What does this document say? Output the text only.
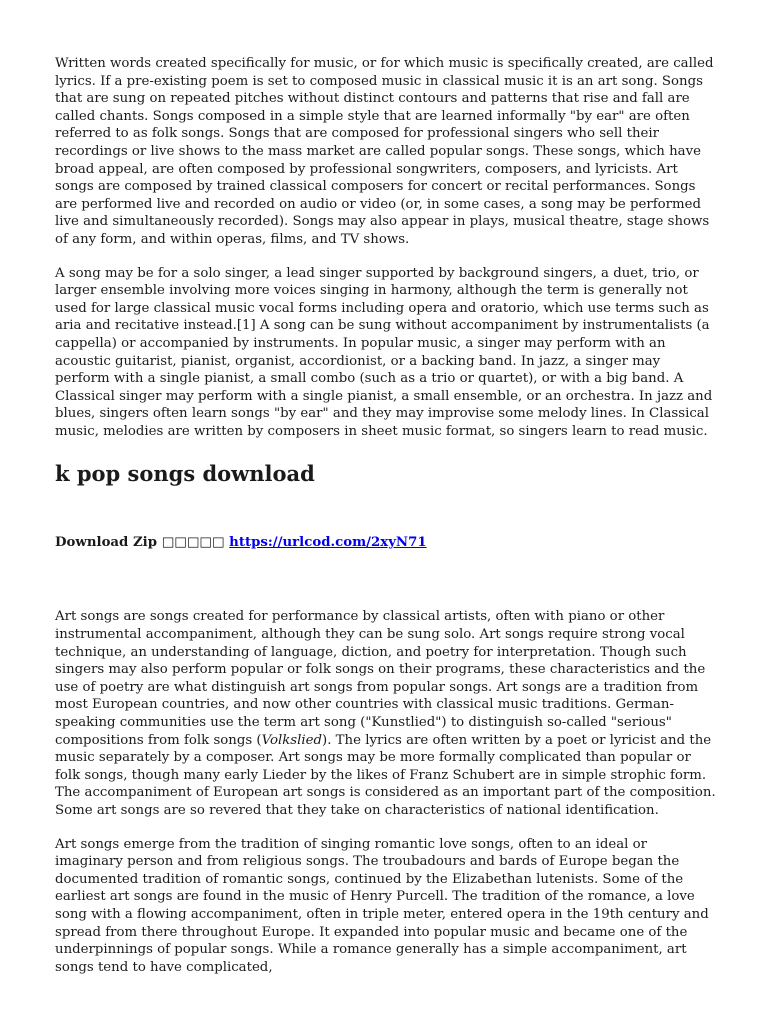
Written words created specifically for music, or for which music is specifically created, are called lyrics. If a pre-existing poem is set to composed music in classical music it is an art song. Songs that are sung on repeated pitches without distinct contours and patterns that rise and fall are called chants. Songs composed in a simple style that are learned informally "by ear" are often referred to as folk songs. Songs that are composed for professional singers who sell their recordings or live shows to the mass market are called popular songs. These songs, which have broad appeal, are often composed by professional songwriters, composers, and lyricists. Art songs are composed by trained classical composers for concert or recital performances. Songs are performed live and recorded on audio or video (or, in some cases, a song may be performed live and simultaneously recorded). Songs may also appear in plays, musical theatre, stage shows of any form, and within operas, films, and TV shows.

A song may be for a solo singer, a lead singer supported by background singers, a duet, trio, or larger ensemble involving more voices singing in harmony, although the term is generally not used for large classical music vocal forms including opera and oratorio, which use terms such as aria and recitative instead.[1] A song can be sung without accompaniment by instrumentalists (a cappella) or accompanied by instruments. In popular music, a singer may perform with an acoustic guitarist, pianist, organist, accordionist, or a backing band. In jazz, a singer may perform with a single pianist, a small combo (such as a trio or quartet), or with a big band. A Classical singer may perform with a single pianist, a small ensemble, or an orchestra. In jazz and blues, singers often learn songs "by ear" and they may improvise some melody lines. In Classical music, melodies are written by composers in sheet music format, so singers learn to read music.

k pop songs download
Download Zip □□□□□ https://urlcod.com/2xyN71

Art songs are songs created for performance by classical artists, often with piano or other instrumental accompaniment, although they can be sung solo. Art songs require strong vocal technique, an understanding of language, diction, and poetry for interpretation. Though such singers may also perform popular or folk songs on their programs, these characteristics and the use of poetry are what distinguish art songs from popular songs. Art songs are a tradition from most European countries, and now other countries with classical music traditions. German-speaking communities use the term art song ("Kunstlied") to distinguish so-called "serious" compositions from folk songs (Volkslied). The lyrics are often written by a poet or lyricist and the music separately by a composer. Art songs may be more formally complicated than popular or folk songs, though many early Lieder by the likes of Franz Schubert are in simple strophic form. The accompaniment of European art songs is considered as an important part of the composition. Some art songs are so revered that they take on characteristics of national identification.

Art songs emerge from the tradition of singing romantic love songs, often to an ideal or imaginary person and from religious songs. The troubadours and bards of Europe began the documented tradition of romantic songs, continued by the Elizabethan lutenists. Some of the earliest art songs are found in the music of Henry Purcell. The tradition of the romance, a love song with a flowing accompaniment, often in triple meter, entered opera in the 19th century and spread from there throughout Europe. It expanded into popular music and became one of the underpinnings of popular songs. While a romance generally has a simple accompaniment, art songs tend to have complicated,
